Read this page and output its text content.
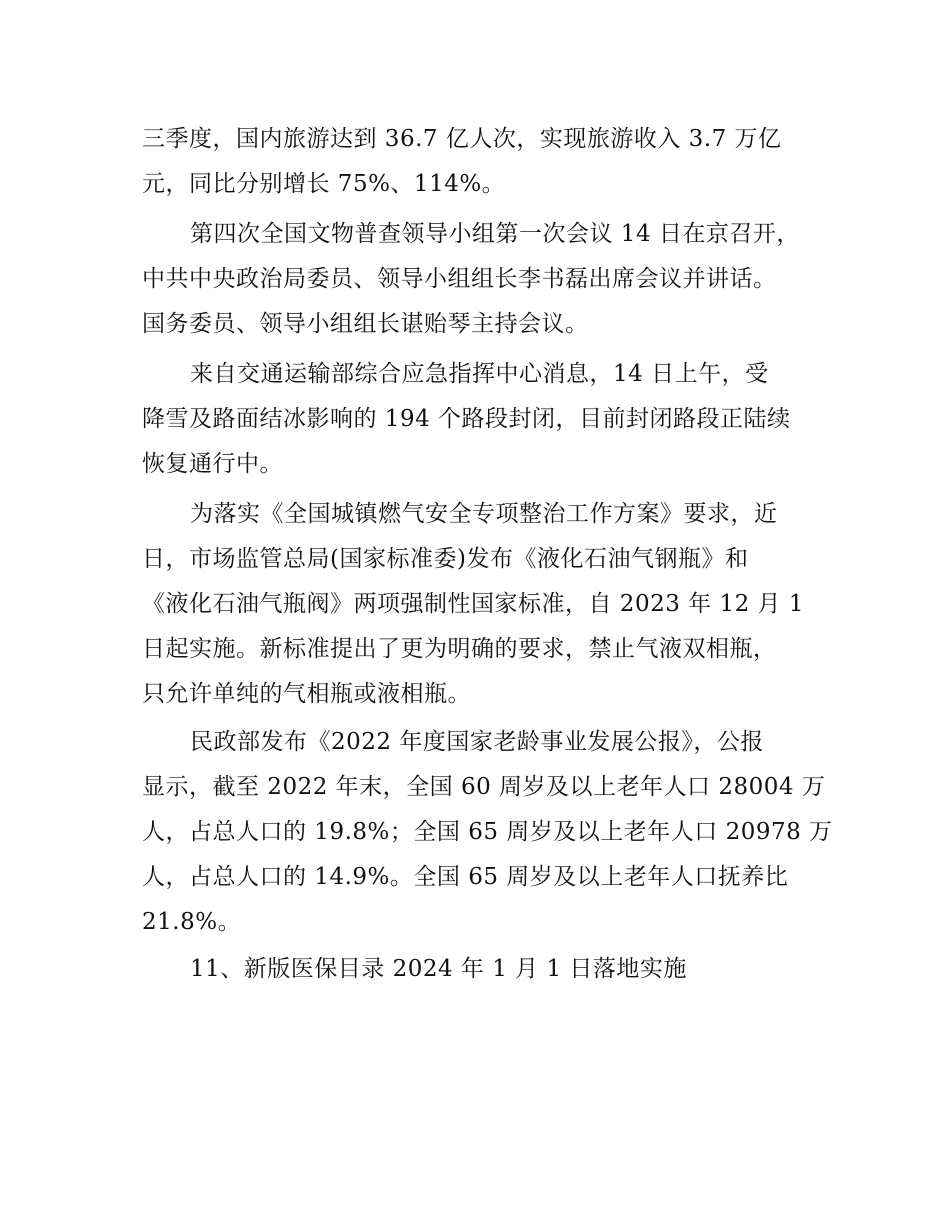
三季度，国内旅游达到 36.7 亿人次，实现旅游收入 3.7 万亿
元，同比分别增长 75%、114%。
第四次全国文物普查领导小组第一次会议 14 日在京召开，
中共中央政治局委员、领导小组组长李书磊出席会议并讲话。
国务委员、领导小组组长谌贻琴主持会议。
来自交通运输部综合应急指挥中心消息，14 日上午，受
降雪及路面结冰影响的 194 个路段封闭，目前封闭路段正陆续
恢复通行中。
为落实《全国城镇燃气安全专项整治工作方案》要求，近
日，市场监管总局(国家标准委)发布《液化石油气钢瓶》和
《液化石油气瓶阀》两项强制性国家标准，自 2023 年 12 月 1
日起实施。新标准提出了更为明确的要求，禁止气液双相瓶，
只允许单纯的气相瓶或液相瓶。
民政部发布《2022 年度国家老龄事业发展公报》，公报
显示，截至 2022 年末，全国 60 周岁及以上老年人口 28004 万
人，占总人口的 19.8%；全国 65 周岁及以上老年人口 20978 万
人，占总人口的 14.9%。全国 65 周岁及以上老年人口抚养比
21.8%。
11、新版医保目录 2024 年 1 月 1 日落地实施
